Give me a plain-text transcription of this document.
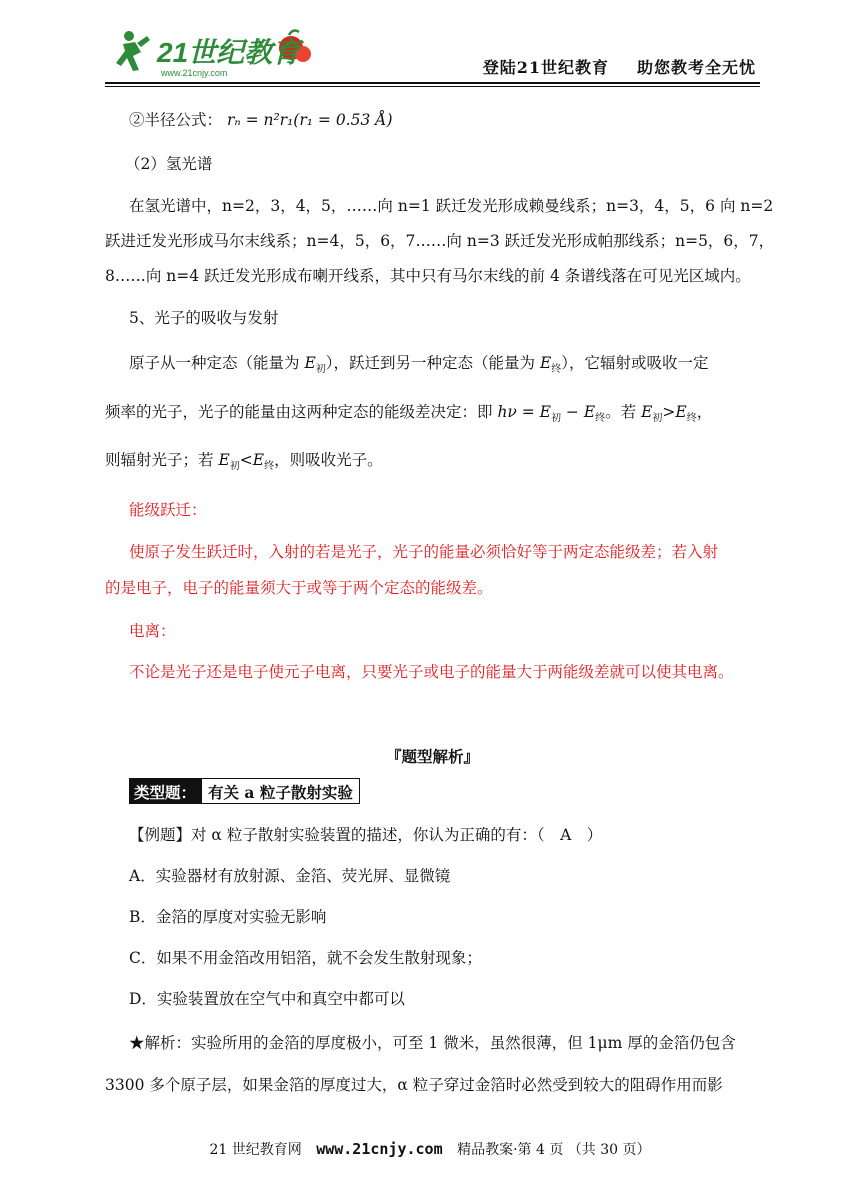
21世纪教育
www.21cnjy.com	登陆21世纪教育 助您教考全无忧
②半径公式： rₙ = n²r₁(r₁ = 0.53 Å)
（2）氢光谱
在氢光谱中，n=2，3，4，5，……向 n=1 跃迁发光形成赖曼线系；n=3，4，5，6 向 n=2
跃进迁发光形成马尔末线系；n=4，5，6，7……向 n=3 跃迁发光形成帕那线系；n=5，6，7，
8……向 n=4 跃迁发光形成布喇开线系，其中只有马尔末线的前 4 条谱线落在可见光区域内。
5、光子的吸收与发射
原子从一种定态（能量为 $E_初$），跃迁到另一种定态（能量为 $E_终$），它辐射或吸收一定
频率的光子，光子的能量由这两种定态的能级差决定：即 $h\nu = E_初 - E_终$。若 $E_初>E_终$，
则辐射光子；若 $E_初<E_终$，则吸收光子。
能级跃迁：
使原子发生跃迁时，入射的若是光子，光子的能量必须恰好等于两定态能级差；若入射
的是电子，电子的能量须大于或等于两个定态的能级差。
电离：
不论是光子还是电子使元子电离，只要光子或电子的能量大于两能级差就可以使其电离。
『题型解析』
类型题： 有关 a 粒子散射实验
【例题】对 α 粒子散射实验装置的描述，你认为正确的有：（　A　）
A．实验器材有放射源、金箔、荧光屏、显微镜
B．金箔的厚度对实验无影响
C．如果不用金箔改用铝箔，就不会发生散射现象；
D．实验装置放在空气中和真空中都可以
★解析：实验所用的金箔的厚度极小，可至 1 微米，虽然很薄，但 1μm 厚的金箔仍包含
3300 多个原子层，如果金箔的厚度过大，α 粒子穿过金箔时必然受到较大的阻碍作用而影
21 世纪教育网 www.21cnjy.com 精品教案·第 4 页 （共 30 页）
